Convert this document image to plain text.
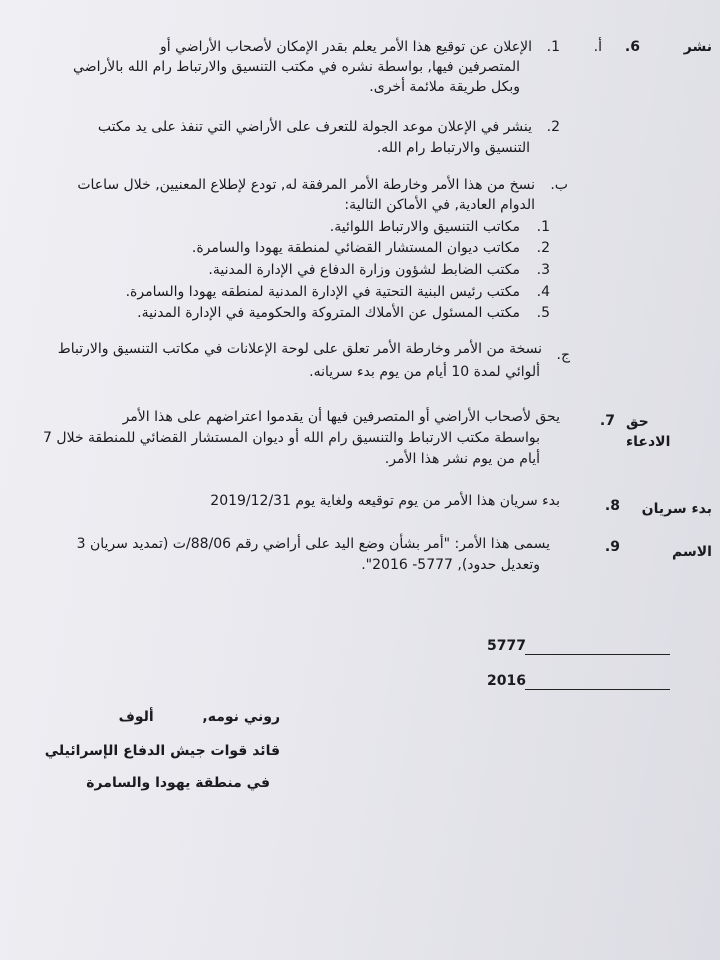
نشر
6.
أ.
1.
الإعلان عن توقيع هذا الأمر يعلم بقدر الإمكان لأصحاب الأراضي أو
المتصرفين فيها, بواسطة نشره في مكتب التنسيق والارتباط رام الله بالأراضي
وبكل طريقة ملائمة أخرى.
2.
ينشر في الإعلان موعد الجولة للتعرف على الأراضي التي تنفذ على يد مكتب
التنسيق والارتباط رام الله.
ب.
نسخ من هذا الأمر وخارطة الأمر المرفقة له, تودع لإطلاع المعنيين, خلال ساعات
الدوام العادية, في الأماكن التالية:
1.
مكاتب التنسيق والارتباط اللوائية.
2.
مكاتب ديوان المستشار القضائي لمنطقة يهودا والسامرة.
3.
مكتب الضابط لشؤون وزارة الدفاع في الإدارة المدنية.
4.
مكتب رئيس البنية التحتية في الإدارة المدنية لمنطقه يهودا والسامرة.
5.
مكتب المسئول عن الأملاك المتروكة والحكومية في الإدارة المدنية.
ج.
نسخة من الأمر وخارطة الأمر تعلق على لوحة الإعلانات في مكاتب التنسيق والارتباط
ألوائي لمدة 10 أيام من يوم بدء سريانه.
حق الادعاء
7.
يحق لأصحاب الأراضي أو المتصرفين فيها أن يقدموا اعتراضهم على هذا الأمر
بواسطة مكتب الارتباط والتنسيق رام الله أو ديوان المستشار القضائي للمنطقة خلال 7
أيام من يوم نشر هذا الأمر.
بدء سريان
8.
بدء سريان هذا الأمر من يوم توقيعه ولغاية يوم 2019/12/31
الاسم
9.
يسمى هذا الأمر: "أمر بشأن وضع اليد على أراضي رقم 88/06/ت (تمديد سريان 3
وتعديل حدود), 5777- 2016".
5777
2016
روني نومه,          ألوف
قائد قوات جيش الدفاع الإسرائيلي
في منطقة يهودا والسامرة
